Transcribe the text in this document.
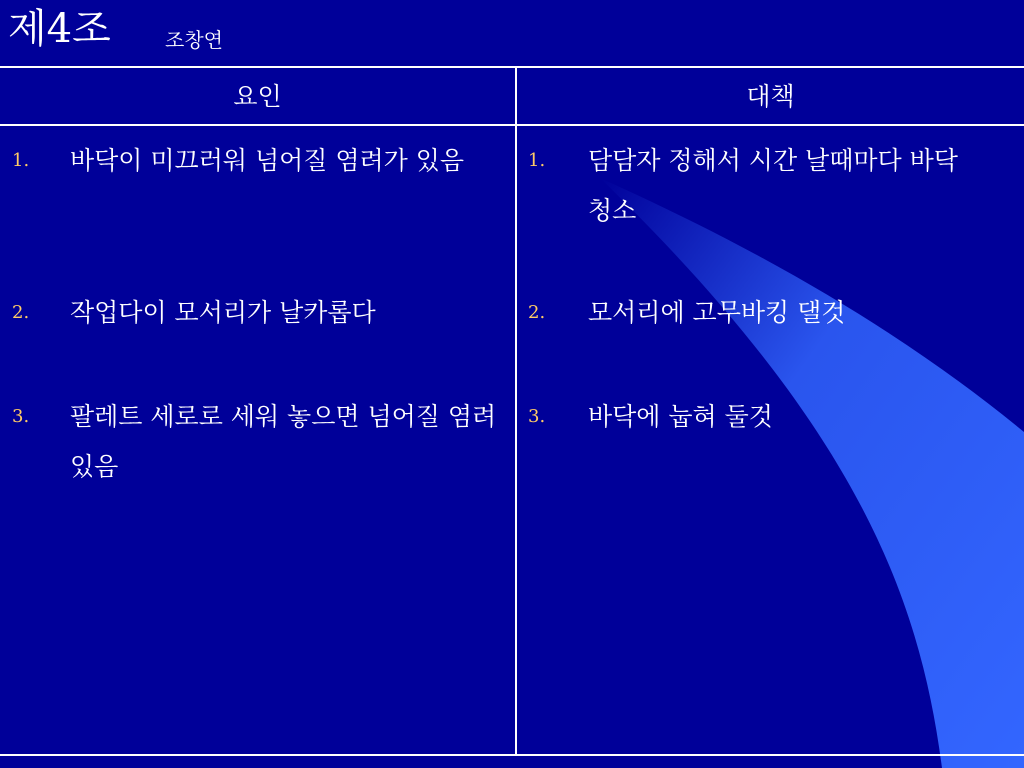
제4조	조창연
요인	대책
1. 바닥이 미끄러워 넘어질 염려가 있음
2. 작업다이 모서리가 날카롭다
3. 팔레트 세로로 세워 놓으면 넘어질 염려있음
1. 담담자 정해서 시간 날때마다 바닥청소
2. 모서리에 고무바킹 댈것
3. 바닥에 눕혀 둘것
